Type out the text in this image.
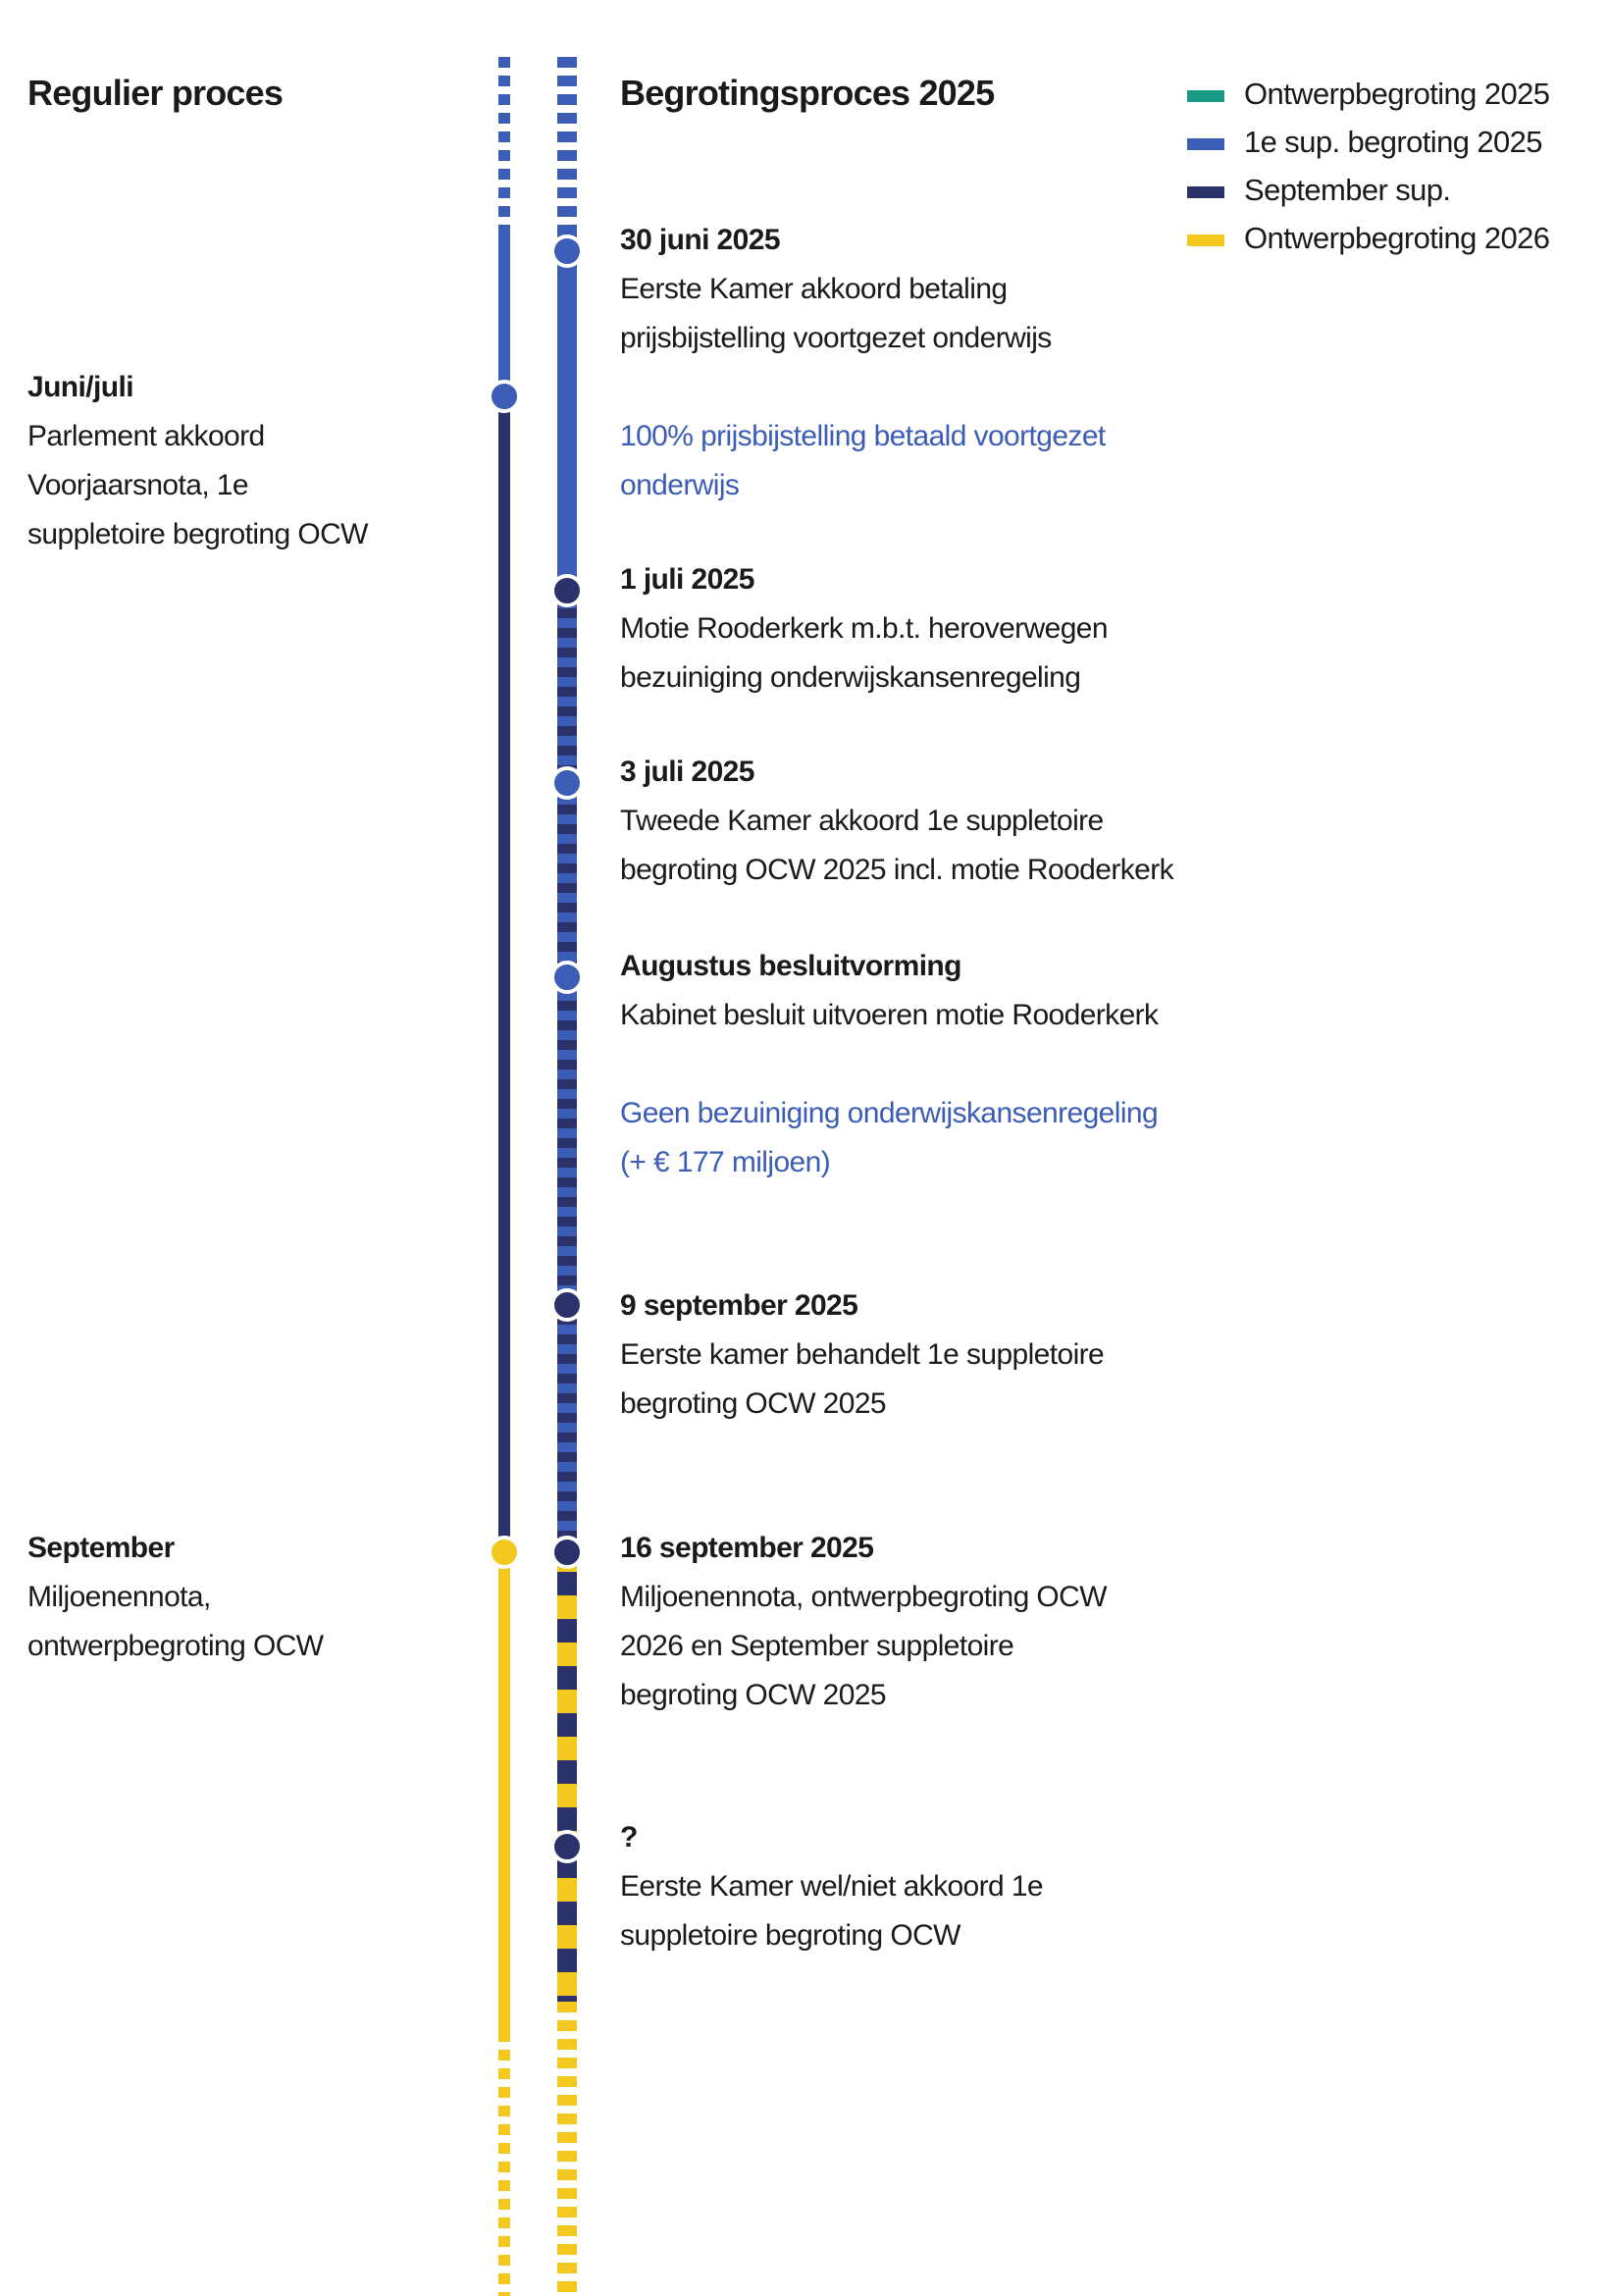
Regulier proces	Begrotingsproces 2025	Ontwerpbegroting 2025
1e sup. begroting 2025
September sup.
Ontwerpbegroting 2026
Juni/juli
Parlement akkoord
Voorjaarsnota, 1e
suppletoire begroting OCW
September
Miljoenennota,
ontwerpbegroting OCW
30 juni 2025
Eerste Kamer akkoord betaling
prijsbijstelling voortgezet onderwijs
100% prijsbijstelling betaald voortgezet
onderwijs
1 juli 2025
Motie Rooderkerk m.b.t. heroverwegen
bezuiniging onderwijskansenregeling
3 juli 2025
Tweede Kamer akkoord 1e suppletoire
begroting OCW 2025 incl. motie Rooderkerk
Augustus besluitvorming
Kabinet besluit uitvoeren motie Rooderkerk
Geen bezuiniging onderwijskansenregeling
(+ € 177 miljoen)
9 september 2025
Eerste kamer behandelt 1e suppletoire
begroting OCW 2025
16 september 2025
Miljoenennota, ontwerpbegroting OCW
2026 en September suppletoire
begroting OCW 2025
?
Eerste Kamer wel/niet akkoord 1e
suppletoire begroting OCW
